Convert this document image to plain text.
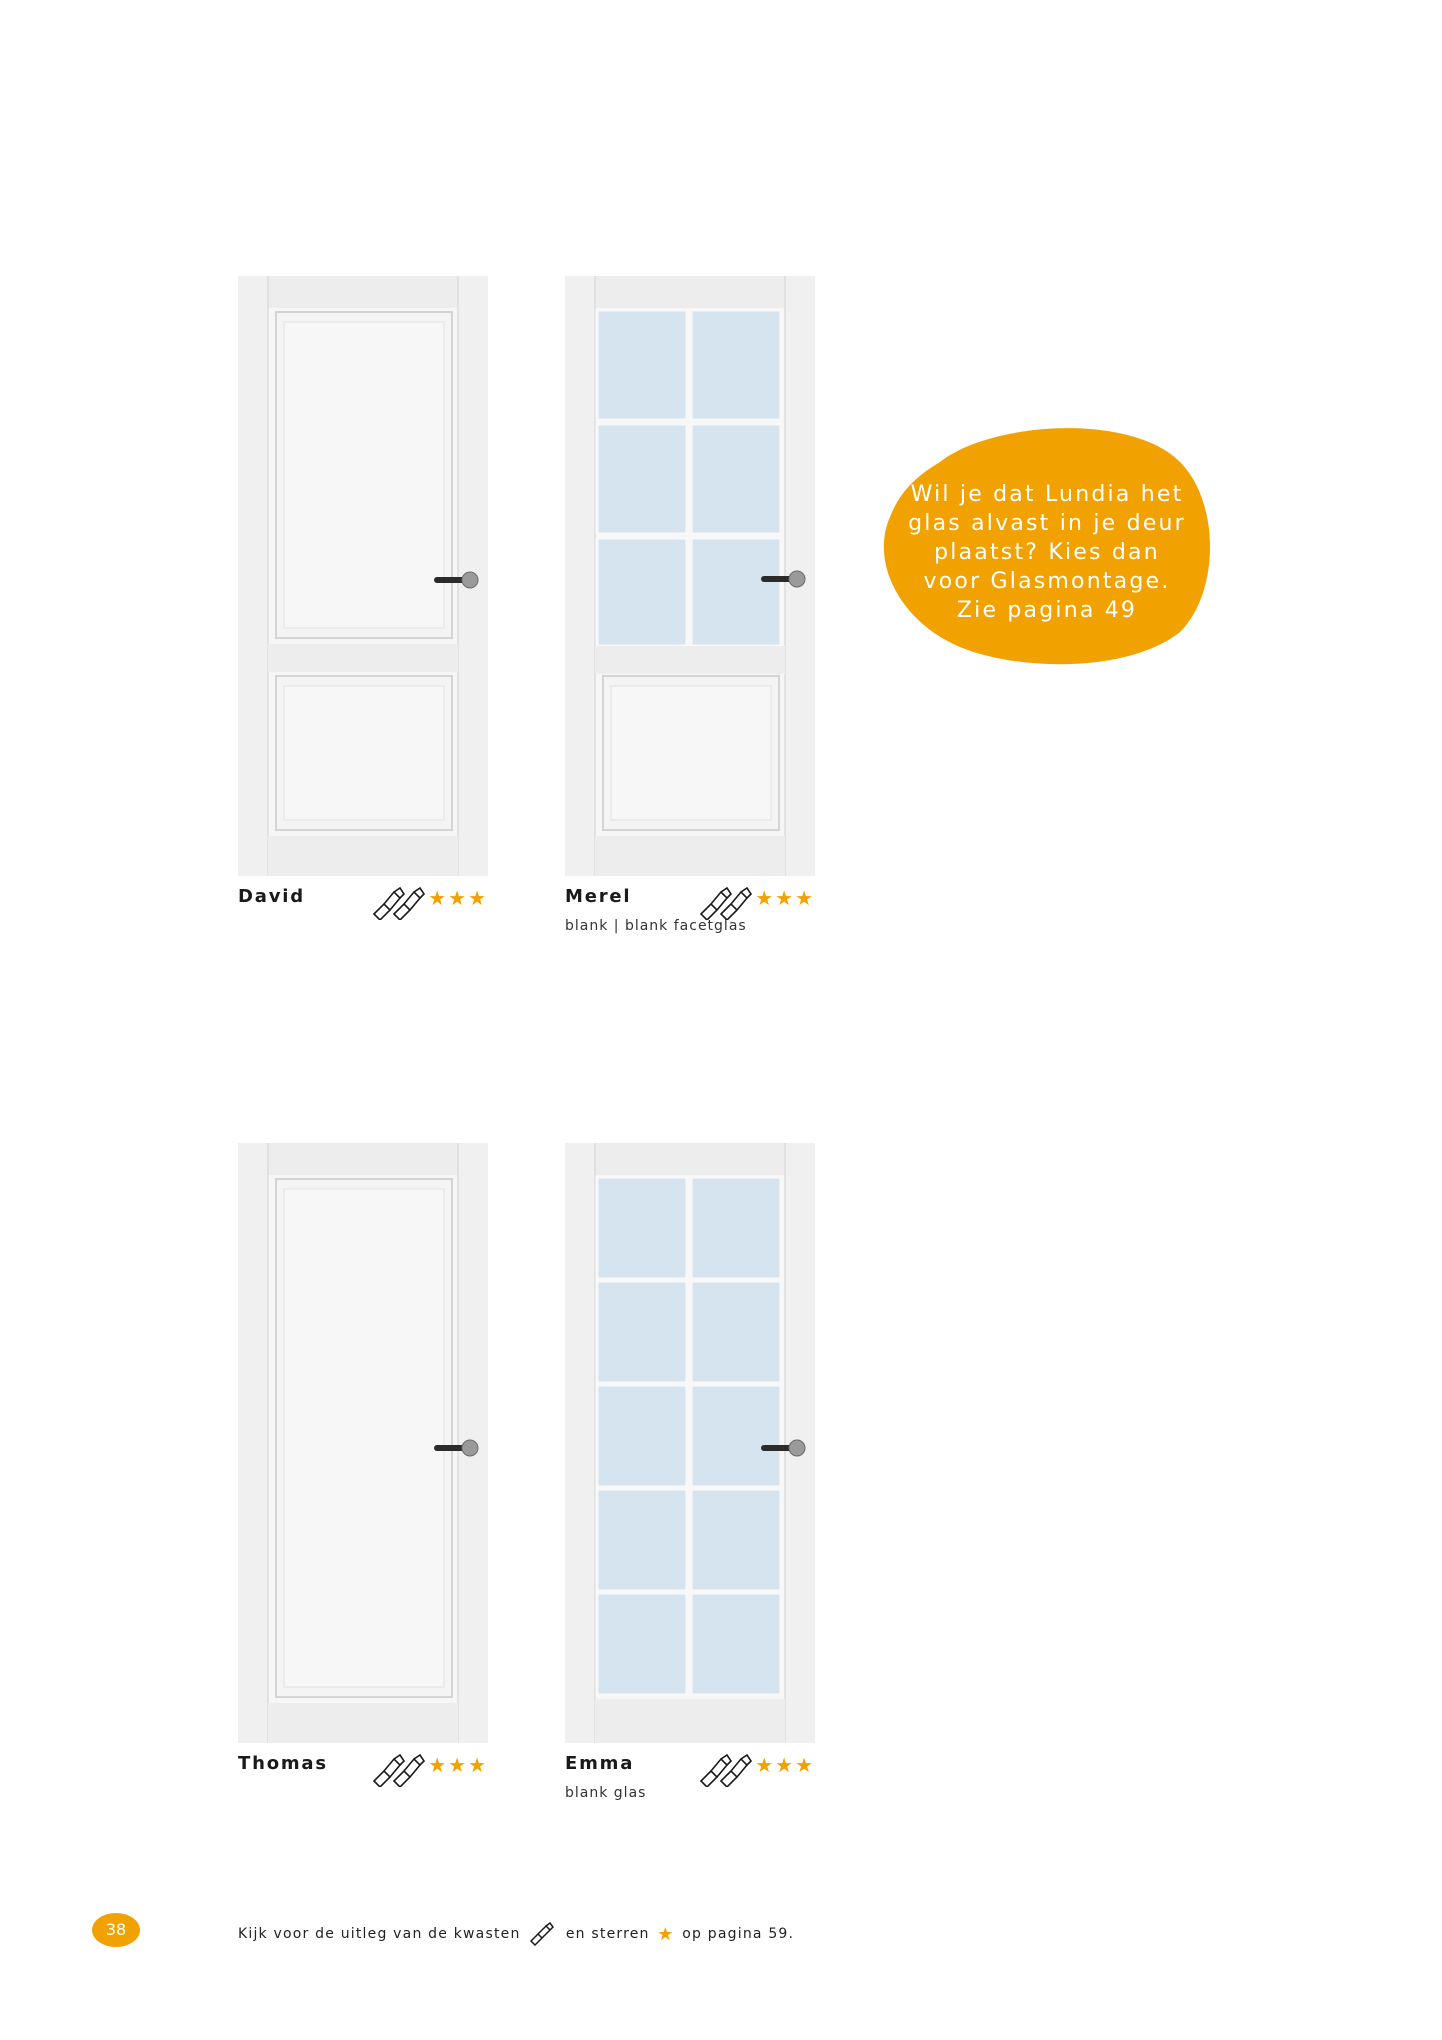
David	★★★	Merel
blank | blank facetglas
★★★
Thomas	★★★	Emma
blank glas
★★★
Wil je dat Lundia het glas alvast in je deur plaatst? Kies dan voor Glasmontage. Zie pagina 49
38	Kijk voor de uitleg van de kwasten	en sterren ★ op pagina 59.
